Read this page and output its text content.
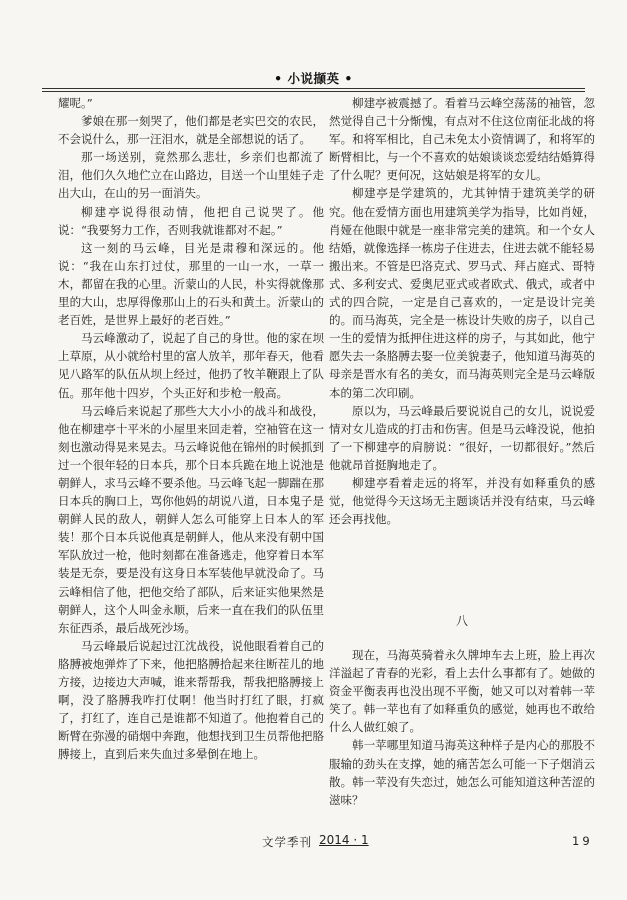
• 小说撷英 •

耀呢。”

爹娘在那一刻哭了，他们都是老实巴交的农民，不会说什么，那一汪泪水，就是全部想说的话了。

那一场送别，竟然那么悲壮，乡亲们也都流了泪，他们久久地伫立在山路边，目送一个山里娃子走出大山，在山的另一面消失。

柳建亭说得很动情，他把自己说哭了。他说：“我要努力工作，否则我就谁都对不起。”

这一刻的马云峰，目光是肃穆和深远的。他说：“我在山东打过仗，那里的一山一水，一草一木，都留在我的心里。沂蒙山的人民，朴实得就像那里的大山，忠厚得像那山上的石头和黄土。沂蒙山的老百姓，是世界上最好的老百姓。”

马云峰激动了，说起了自己的身世。他的家在坝上草原，从小就给村里的富人放羊，那年春天，他看见八路军的队伍从坝上经过，他扔了牧羊鞭跟上了队伍。那年他十四岁，个头正好和步枪一般高。

马云峰后来说起了那些大大小小的战斗和战役，他在柳建亭十平米的小屋里来回走着，空袖管在这一刻也激动得晃来晃去。马云峰说他在锦州的时候抓到过一个很年轻的日本兵，那个日本兵跪在地上说池是朝鲜人，求马云峰不要杀他。马云峰飞起一脚踹在那日本兵的胸口上，骂你他妈的胡说八道，日本鬼子是朝鲜人民的敌人，朝鲜人怎么可能穿上日本人的军装！那个日本兵说他真是朝鲜人，他从来没有朝中国军队放过一枪，他时刻都在准备逃走，他穿着日本军装是无奈，要是没有这身日本军装他早就没命了。马云峰相信了他，把他交给了部队，后来证实他果然是朝鲜人，这个人叫金永顺，后来一直在我们的队伍里东征西杀，最后战死沙场。

马云峰最后说起过江沈战役，说他眼看着自己的胳膊被炮弹炸了下来，他把胳膊拾起来往断茬儿的地方接，边接边大声喊，谁来帮帮我，帮我把胳膊接上啊，没了胳膊我咋打仗啊！他当时打红了眼，打疯了，打红了，连自己是谁都不知道了。他抱着自己的断臂在弥漫的硝烟中奔跑，他想找到卫生员帮他把胳膊接上，直到后来失血过多晕倒在地上。

柳建亭被震撼了。看着马云峰空荡荡的袖管，忽然觉得自己十分惭愧，有点对不住这位南征北战的将军。和将军相比，自己未免太小资情调了，和将军的断臂相比，与一个不喜欢的姑娘谈谈恋爱结结婚算得了什么呢？更何况，这姑娘是将军的女儿。

柳建亭是学建筑的，尤其钟情于建筑美学的研究。他在爱情方面也用建筑美学为指导，比如肖娅，肖娅在他眼中就是一座非常完美的建筑。和一个女人结婚，就像选择一栋房子住进去，住进去就不能轻易搬出来。不管是巴洛克式、罗马式、拜占庭式、哥特式、多利安式、爱奥尼亚式或者欧式、俄式，或者中式的四合院，一定是自己喜欢的，一定是设计完美的。而马海英，完全是一栋设计失败的房子，以自己一生的爱情为抵押住进这样的房子，与其如此，他宁愿失去一条胳膊去娶一位美貌妻子，他知道马海英的母亲是晋水有名的美女，而马海英则完全是马云峰版本的第二次印刷。

原以为，马云峰最后要说说自己的女儿，说说爱情对女儿造成的打击和伤害。但是马云峰没说，他拍了一下柳建亭的肩膀说：“很好，一切都很好。”然后他就昂首挺胸地走了。

柳建亭看着走远的将军，并没有如释重负的感觉，他觉得今天这场无主题谈话并没有结束，马云峰还会再找他。

八

现在，马海英骑着永久牌坤车去上班，脸上再次洋溢起了青春的光彩，看上去什么事都有了。她做的资金平衡表再也没出现不平衡，她又可以对着韩一苹笑了。韩一苹也有了如释重负的感觉，她再也不敢给什么人做红娘了。

韩一苹哪里知道马海英这种样子是内心的那股不服输的劲头在支撑，她的痛苦怎么可能一下子烟消云散。韩一苹没有失恋过，她怎么可能知道这种苦涩的滋味？

文学季刊 2014 · 1	19
